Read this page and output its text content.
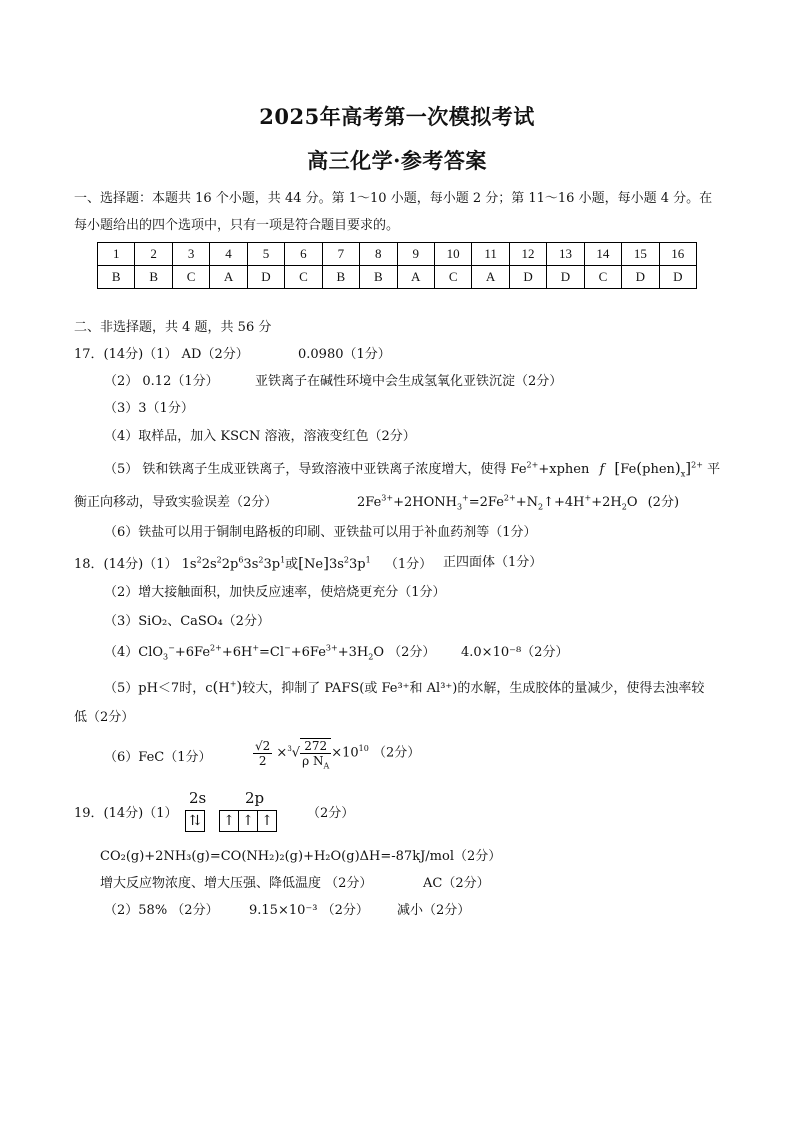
2025年高考第一次模拟考试
高三化学·参考答案
一、选择题：本题共 16 个小题，共 44 分。第 1～10 小题，每小题 2 分；第 11～16 小题，每小题 4 分。在
每小题给出的四个选项中，只有一项是符合题目要求的。
1	2	3	4	5	6	7	8	9	10	11	12	13	14	15	16
B	B	C	A	D	C	B	B	A	C	A	D	D	C	D	D
二、非选择题，共 4 题，共 56 分
17．(14分)（1） AD（2分）	0.0980（1分）
（2） 0.12（1分）	亚铁离子在碱性环境中会生成氢氧化亚铁沉淀（2分）
（3）3（1分）
（4）取样品，加入 KSCN 溶液，溶液变红色（2分）
（5） 铁和铁离子生成亚铁离子，导致溶液中亚铁离子浓度增大，使得 $Fe^{2+}+xphen$ f $[Fe(phen)_x]^{2+}$ 平
衡正向移动，导致实验误差（2分）	$2Fe^{3+}+2HONH_3^+=2Fe^{2+}+N_2↑+4H^++2H_2O$ (2分)
（6）铁盐可以用于铜制电路板的印刷、亚铁盐可以用于补血药剂等（1分）
18．(14分)（1） $1s^22s^22p^63s^23p^1$或$[Ne]3s^23p^1$ （1分） 正四面体（1分）
（2）增大接触面积，加快反应速率，使焙烧更充分（1分）
（3）SiO₂、CaSO₄（2分）
$(4)ClO_3^-+6Fe^{2+}+6H^+=Cl^-+6Fe^{3+}+3H_2O$ （2分） 4.0×10⁻⁸（2分）
（5）pH＜7时，c(H+)较大，抑制了 PAFS(或 Fe³⁺和 Al³⁺)的水解，生成胶体的量减少，使得去浊率较
低（2分）
（6）FeC（1分）	$\frac{√2}{2} \times^3√ \frac{272}{\rho N_A} \times 10^{10}$ （2分）
19．(14分)（1）
2s	2p
⇅ ↑ ↑ ↑	（2分）
CO₂(g)+2NH₃(g)=CO(NH₂)₂(g)+H₂O(g)ΔH=-87kJ/mol（2分）
增大反应物浓度、增大压强、降低温度 （2分）	AC（2分）
（2）58% （2分） 9.15×10⁻³ （2分） 减小（2分）
